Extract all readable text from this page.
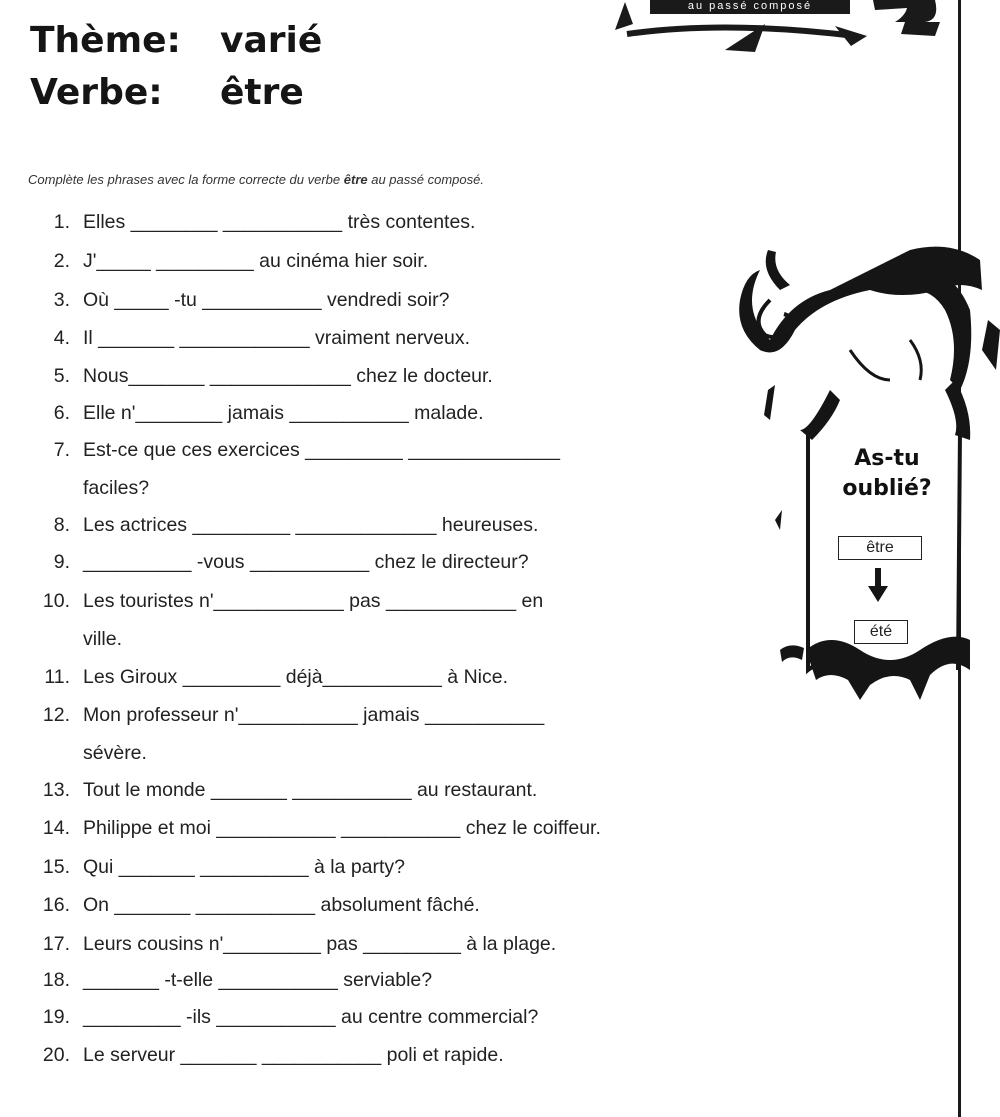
au passé composé
Thème: varié
Verbe: être
Complète les phrases avec la forme correcte du verbe être au passé composé.
1. Elles ________ ___________ très contentes.
2. J'_____ _________ au cinéma hier soir.
3. Où _____ -tu ___________ vendredi soir?
4. Il _______ ____________ vraiment nerveux.
5. Nous_______ _____________ chez le docteur.
6. Elle n'________ jamais ___________ malade.
7. Est-ce que ces exercices _________ ______________
faciles?
8. Les actrices _________ _____________ heureuses.
9. __________ -vous ___________ chez le directeur?
10. Les touristes n'____________ pas ____________ en
ville.
11. Les Giroux _________ déjà___________ à Nice.
12. Mon professeur n'___________ jamais ___________
sévère.
13. Tout le monde _______ ___________ au restaurant.
14. Philippe et moi ___________ ___________ chez le coiffeur.
15. Qui _______ __________ à la party?
16. On _______ ___________ absolument fâché.
17. Leurs cousins n'_________ pas _________ à la plage.
18. _______ -t-elle ___________ serviable?
19. _________ -ils ___________ au centre commercial?
20. Le serveur _______ ___________ poli et rapide.
As-tu
oublié?
être
été
